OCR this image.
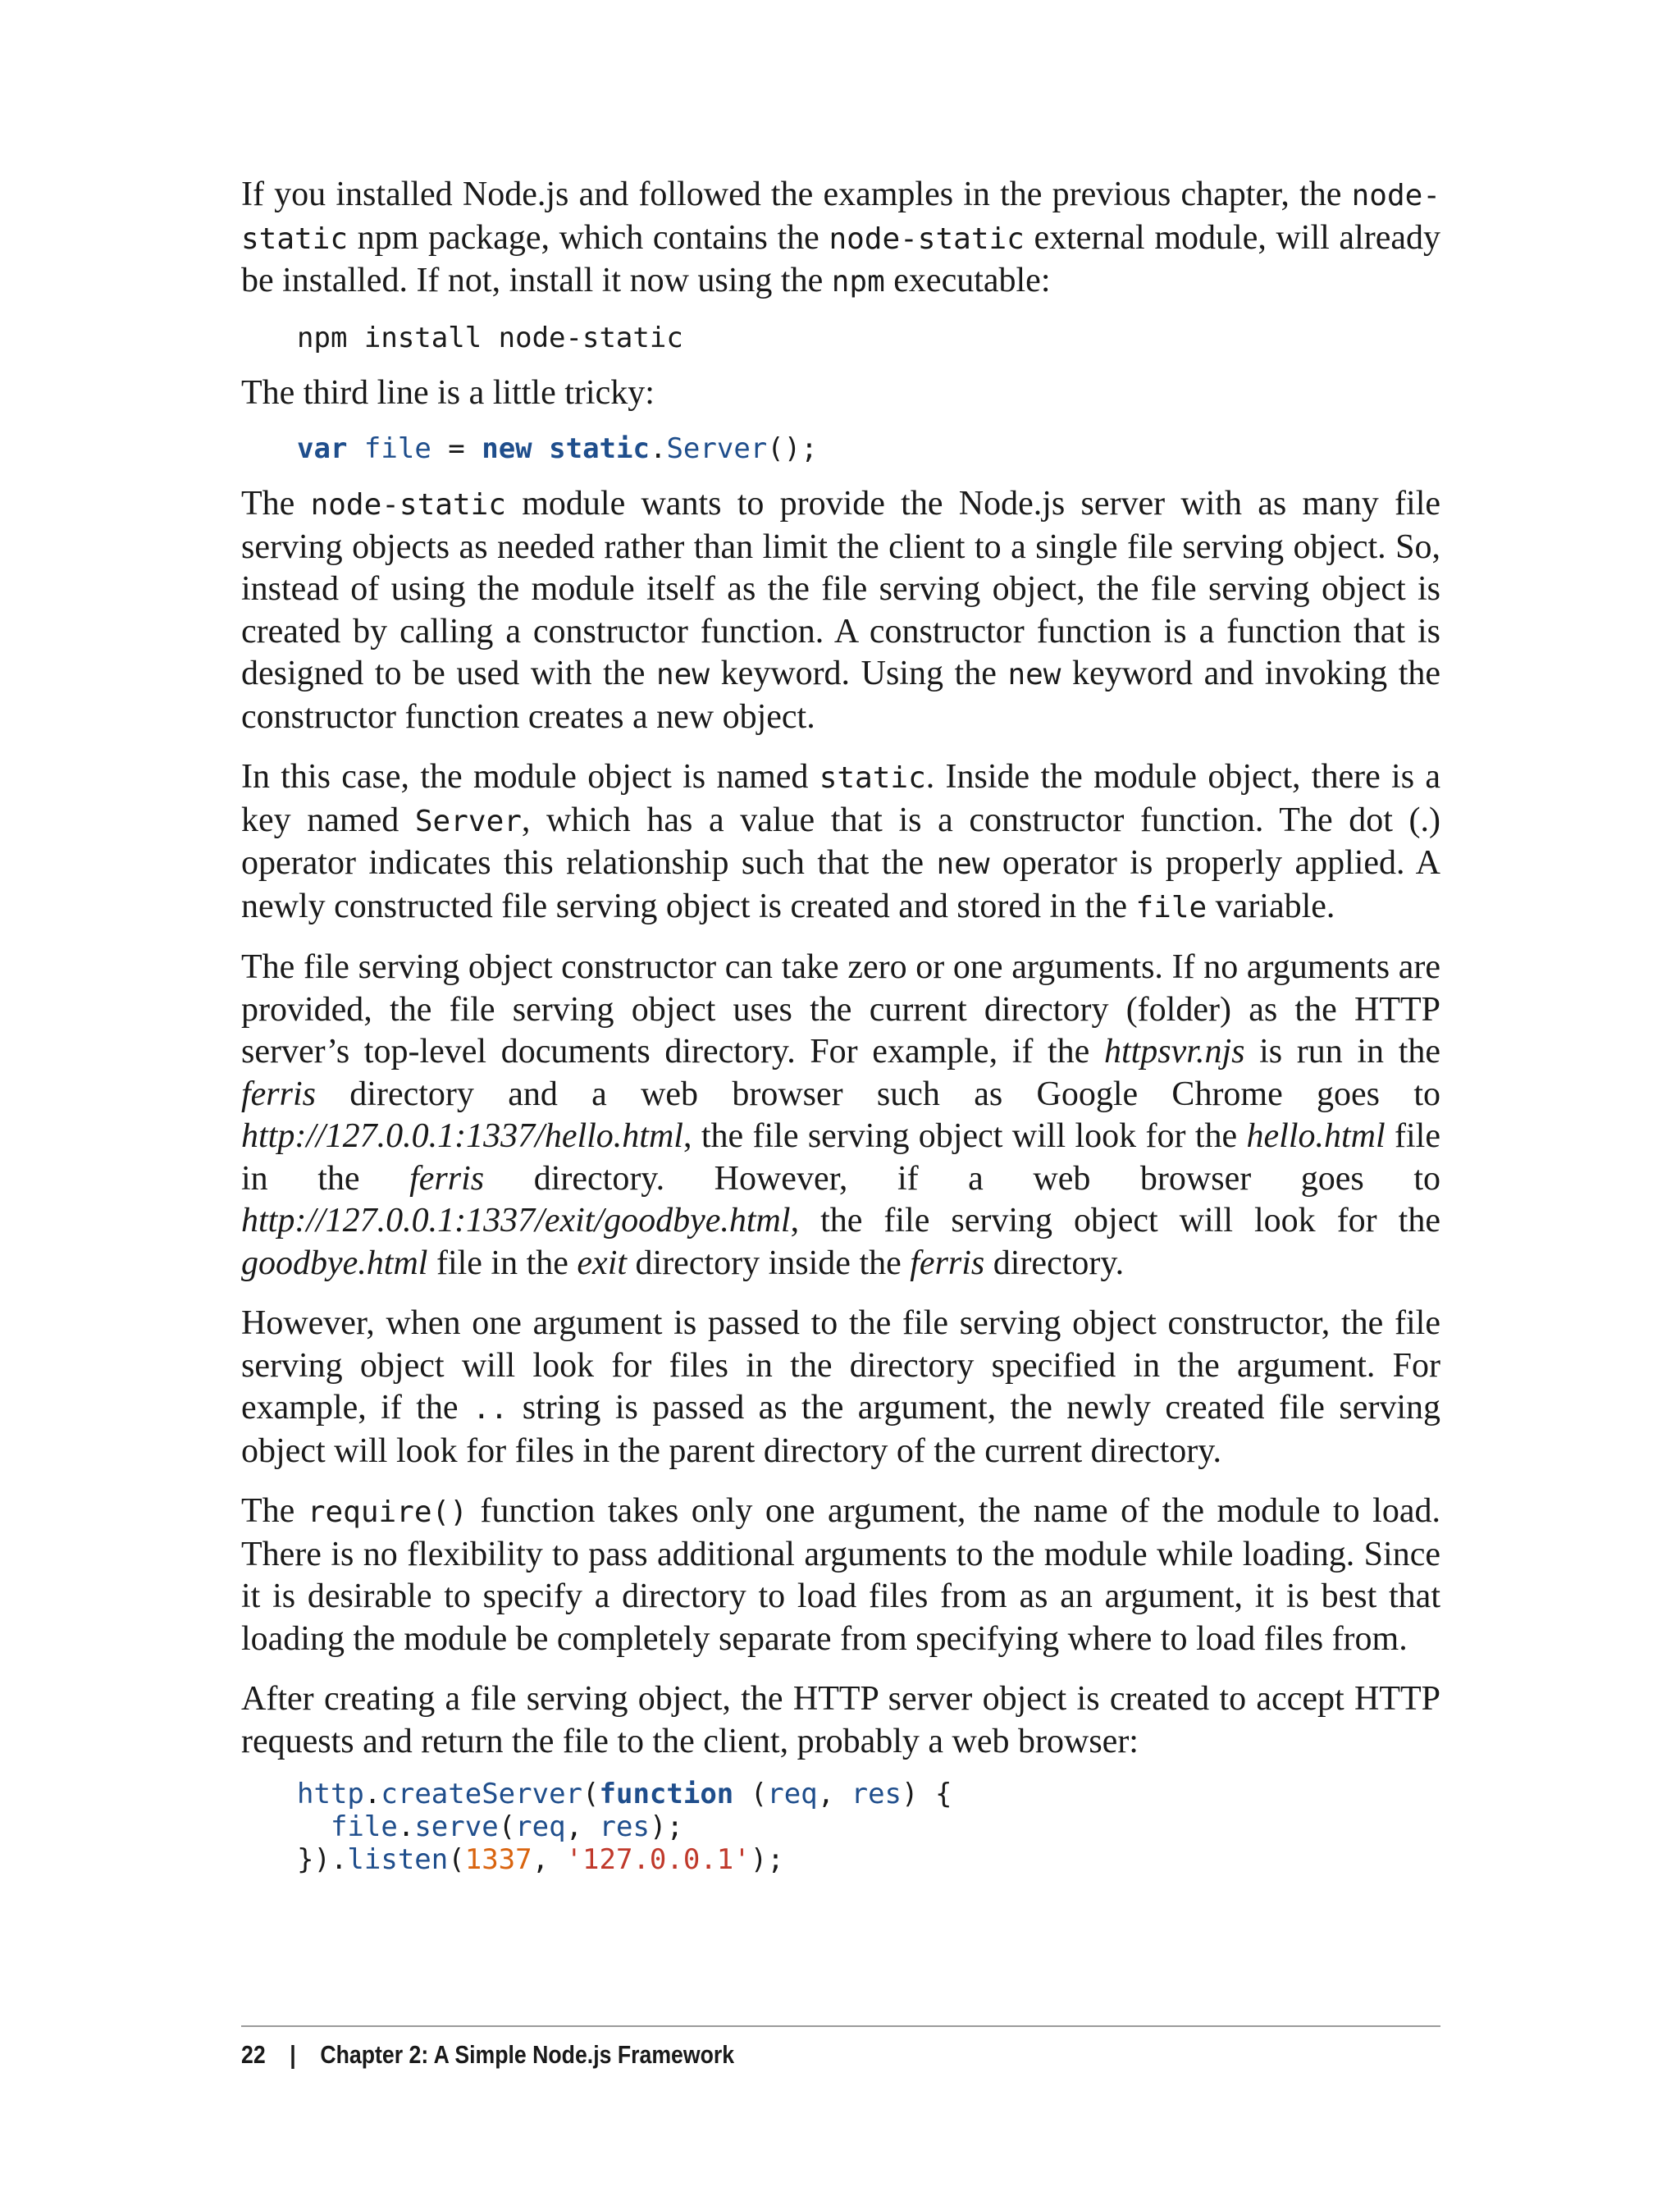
If you installed Node.js and followed the examples in the previous chapter, the node-static npm package, which contains the node-static external module, will already be installed. If not, install it now using the npm executable:

npm install node-static

The third line is a little tricky:

var file = new static.Server();

The node-static module wants to provide the Node.js server with as many file serving objects as needed rather than limit the client to a single file serving object. So, instead of using the module itself as the file serving object, the file serving object is created by calling a constructor function. A constructor function is a function that is designed to be used with the new keyword. Using the new keyword and invoking the constructor function creates a new object.

In this case, the module object is named static. Inside the module object, there is a key named Server, which has a value that is a constructor function. The dot (.) operator indicates this relationship such that the new operator is properly applied. A newly constructed file serving object is created and stored in the file variable.

The file serving object constructor can take zero or one arguments. If no arguments are provided, the file serving object uses the current directory (folder) as the HTTP server’s top-level documents directory. For example, if the httpsvr.njs is run in the ferris directory and a web browser such as Google Chrome goes to http://127.0.0.1:1337/hello.html, the file serving object will look for the hello.html file in the ferris directory. However, if a web browser goes to http://127.0.0.1:1337/exit/goodbye.html, the file serving object will look for the goodbye.html file in the exit directory inside the ferris directory.

However, when one argument is passed to the file serving object constructor, the file serving object will look for files in the directory specified in the argument. For example, if the .. string is passed as the argument, the newly created file serving object will look for files in the parent directory of the current directory.

The require() function takes only one argument, the name of the module to load. There is no flexibility to pass additional arguments to the module while loading. Since it is desirable to specify a directory to load files from as an argument, it is best that loading the module be completely separate from specifying where to load files from.

After creating a file serving object, the HTTP server object is created to accept HTTP requests and return the file to the client, probably a web browser:

http.createServer(function (req, res) {
file.serve(req, res);
}).listen(1337, '127.0.0.1');
22 | Chapter 2: A Simple Node.js Framework
